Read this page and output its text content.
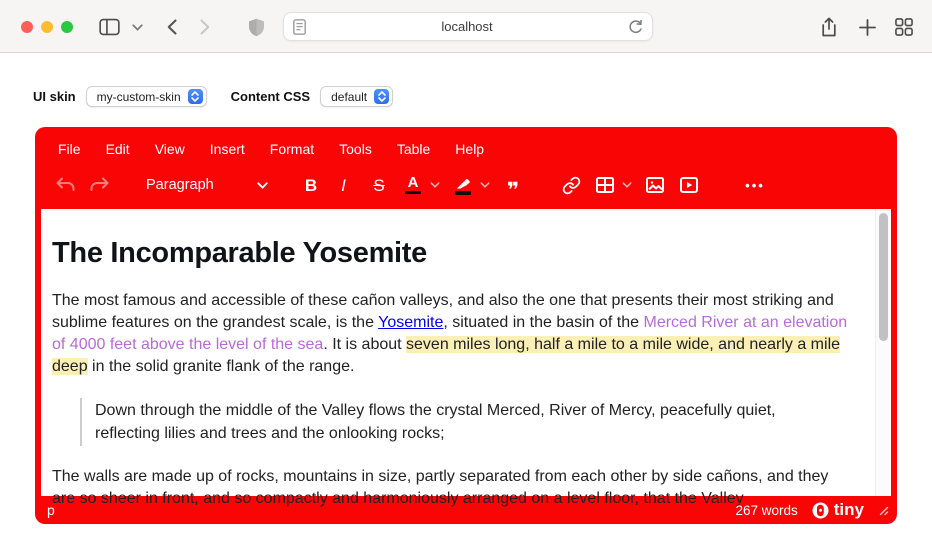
localhost
UI skin my-custom-skin	Content CSS default
File Edit View Insert Format Tools Table Help
Paragraph	B I S A	❞	•••
The Incomparable Yosemite

The most famous and accessible of these cañon valleys, and also the one that presents their most striking and
sublime features on the grandest scale, is the Yosemite, situated in the basin of the Merced River at an elevation
of 4000 feet above the level of the sea. It is about seven miles long, half a mile to a mile wide, and nearly a mile
deep in the solid granite flank of the range.

Down through the middle of the Valley flows the crystal Merced, River of Mercy, peacefully quiet,
reflecting lilies and trees and the onlooking rocks;

The walls are made up of rocks, mountains in size, partly separated from each other by side cañons, and they
are so sheer in front, and so compactly and harmoniously arranged on a level floor, that the Valley

p	267 words tiny
